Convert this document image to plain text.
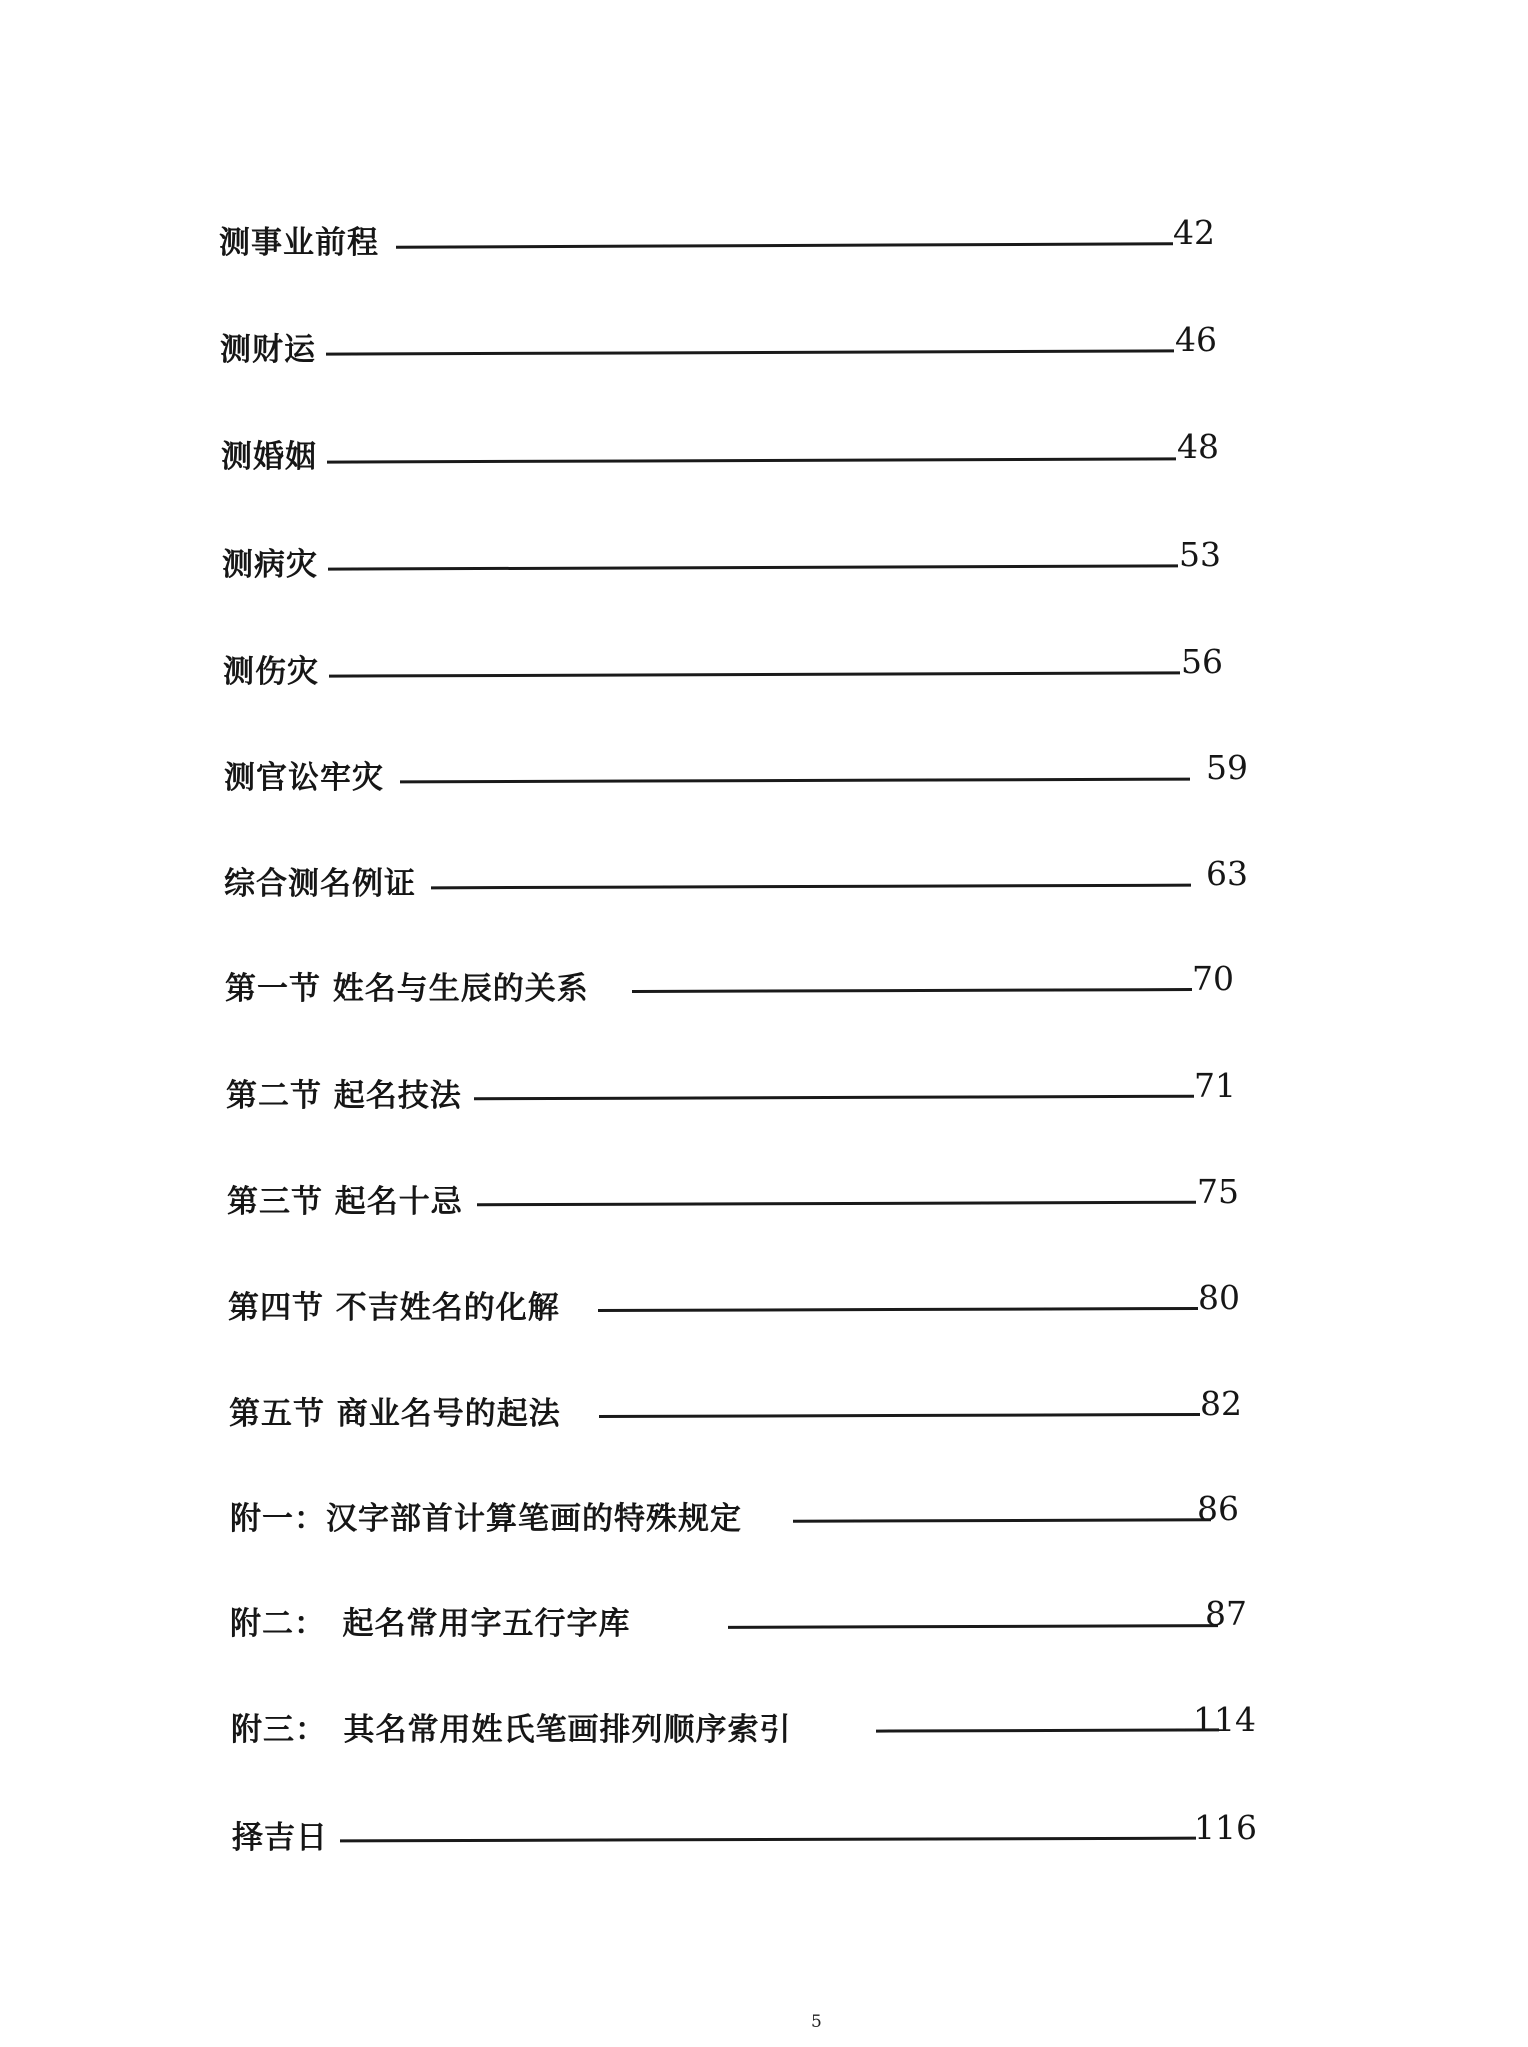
测事业前程	42
测财运	46
测婚姻	48
测病灾	53
测伤灾	56
测官讼牢灾	59
综合测名例证	63
第一节 姓名与生辰的关系	70
第二节 起名技法	71
第三节 起名十忌	75
第四节 不吉姓名的化解	80
第五节 商业名号的起法	82
附一：汉字部首计算笔画的特殊规定	86
附二：　起名常用字五行字库	87
附三：　其名常用姓氏笔画排列顺序索引	114
择吉日	116
5
